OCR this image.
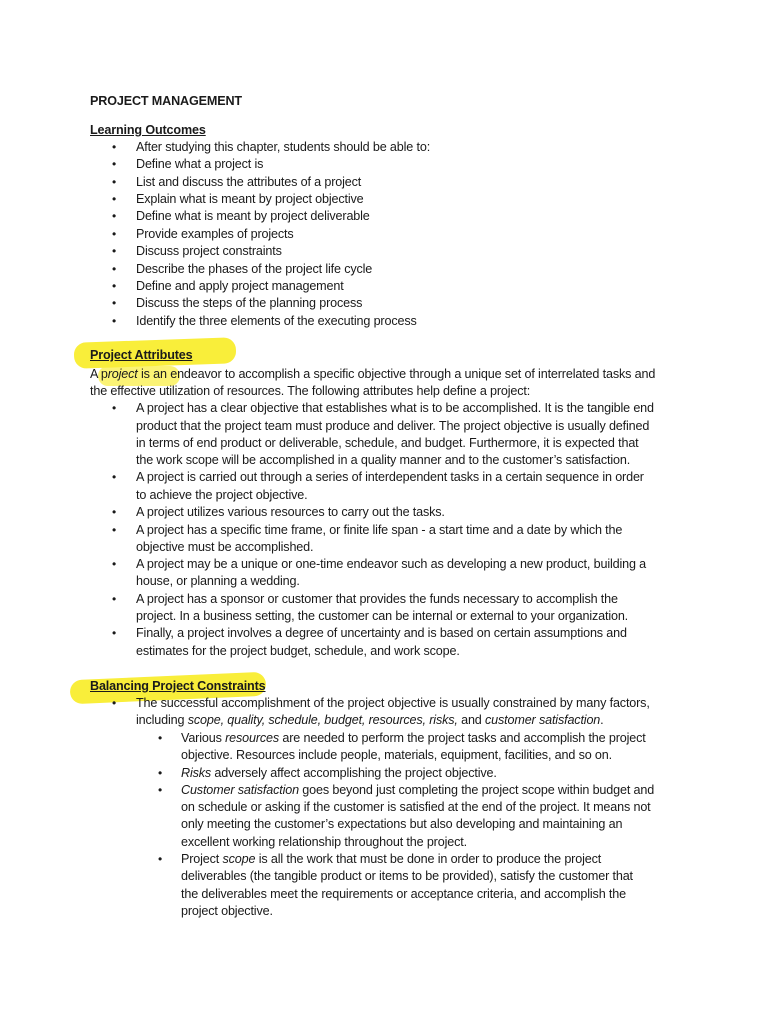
PROJECT MANAGEMENT
Learning Outcomes
• After studying this chapter, students should be able to:
• Define what a project is
• List and discuss the attributes of a project
• Explain what is meant by project objective
• Define what is meant by project deliverable
• Provide examples of projects
• Discuss project constraints
• Describe the phases of the project life cycle
• Define and apply project management
• Discuss the steps of the planning process
• Identify the three elements of the executing process
Project Attributes
A project is an endeavor to accomplish a specific objective through a unique set of interrelated tasks and
the effective utilization of resources. The following attributes help define a project:
• A project has a clear objective that establishes what is to be accomplished. It is the tangible end
product that the project team must produce and deliver. The project objective is usually defined
in terms of end product or deliverable, schedule, and budget. Furthermore, it is expected that
the work scope will be accomplished in a quality manner and to the customer’s satisfaction.
• A project is carried out through a series of interdependent tasks in a certain sequence in order
to achieve the project objective.
• A project utilizes various resources to carry out the tasks.
• A project has a specific time frame, or finite life span - a start time and a date by which the
objective must be accomplished.
• A project may be a unique or one-time endeavor such as developing a new product, building a
house, or planning a wedding.
• A project has a sponsor or customer that provides the funds necessary to accomplish the
project. In a business setting, the customer can be internal or external to your organization.
• Finally, a project involves a degree of uncertainty and is based on certain assumptions and
estimates for the project budget, schedule, and work scope.
Balancing Project Constraints
• The successful accomplishment of the project objective is usually constrained by many factors,
including scope, quality, schedule, budget, resources, risks, and customer satisfaction.
• Various resources are needed to perform the project tasks and accomplish the project
objective. Resources include people, materials, equipment, facilities, and so on.
• Risks adversely affect accomplishing the project objective.
• Customer satisfaction goes beyond just completing the project scope within budget and
on schedule or asking if the customer is satisfied at the end of the project. It means not
only meeting the customer’s expectations but also developing and maintaining an
excellent working relationship throughout the project.
• Project scope is all the work that must be done in order to produce the project
deliverables (the tangible product or items to be provided), satisfy the customer that
the deliverables meet the requirements or acceptance criteria, and accomplish the
project objective.
